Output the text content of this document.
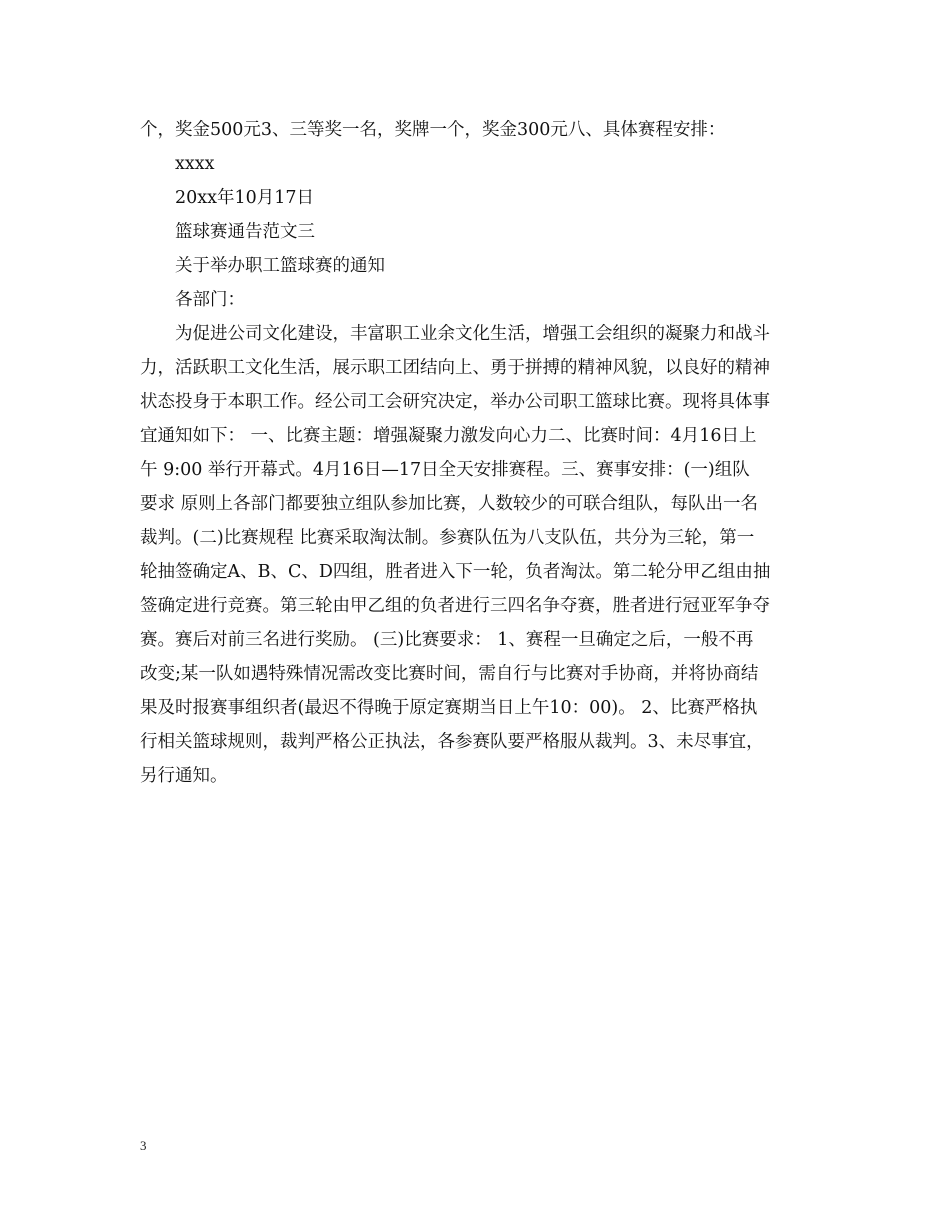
个，奖金500元3、三等奖一名，奖牌一个，奖金300元八、具体赛程安排：

xxxx

20xx年10月17日

篮球赛通告范文三

关于举办职工篮球赛的通知

各部门：

为促进公司文化建设，丰富职工业余文化生活，增强工会组织的凝聚力和战斗

力，活跃职工文化生活，展示职工团结向上、勇于拼搏的精神风貌，以良好的精神

状态投身于本职工作。经公司工会研究决定，举办公司职工篮球比赛。现将具体事

宜通知如下： 一、比赛主题：增强凝聚力激发向心力二、比赛时间：4月16日上

午 9:00 举行开幕式。4月16日—17日全天安排赛程。三、赛事安排：(一)组队

要求 原则上各部门都要独立组队参加比赛，人数较少的可联合组队，每队出一名

裁判。(二)比赛规程 比赛采取淘汰制。参赛队伍为八支队伍，共分为三轮，第一

轮抽签确定A、B、C、D四组，胜者进入下一轮，负者淘汰。第二轮分甲乙组由抽

签确定进行竞赛。第三轮由甲乙组的负者进行三四名争夺赛，胜者进行冠亚军争夺

赛。赛后对前三名进行奖励。 (三)比赛要求： 1、赛程一旦确定之后，一般不再

改变;某一队如遇特殊情况需改变比赛时间，需自行与比赛对手协商，并将协商结

果及时报赛事组织者(最迟不得晚于原定赛期当日上午10：00)。 2、比赛严格执

行相关篮球规则，裁判严格公正执法，各参赛队要严格服从裁判。3、未尽事宜，

另行通知。

3
